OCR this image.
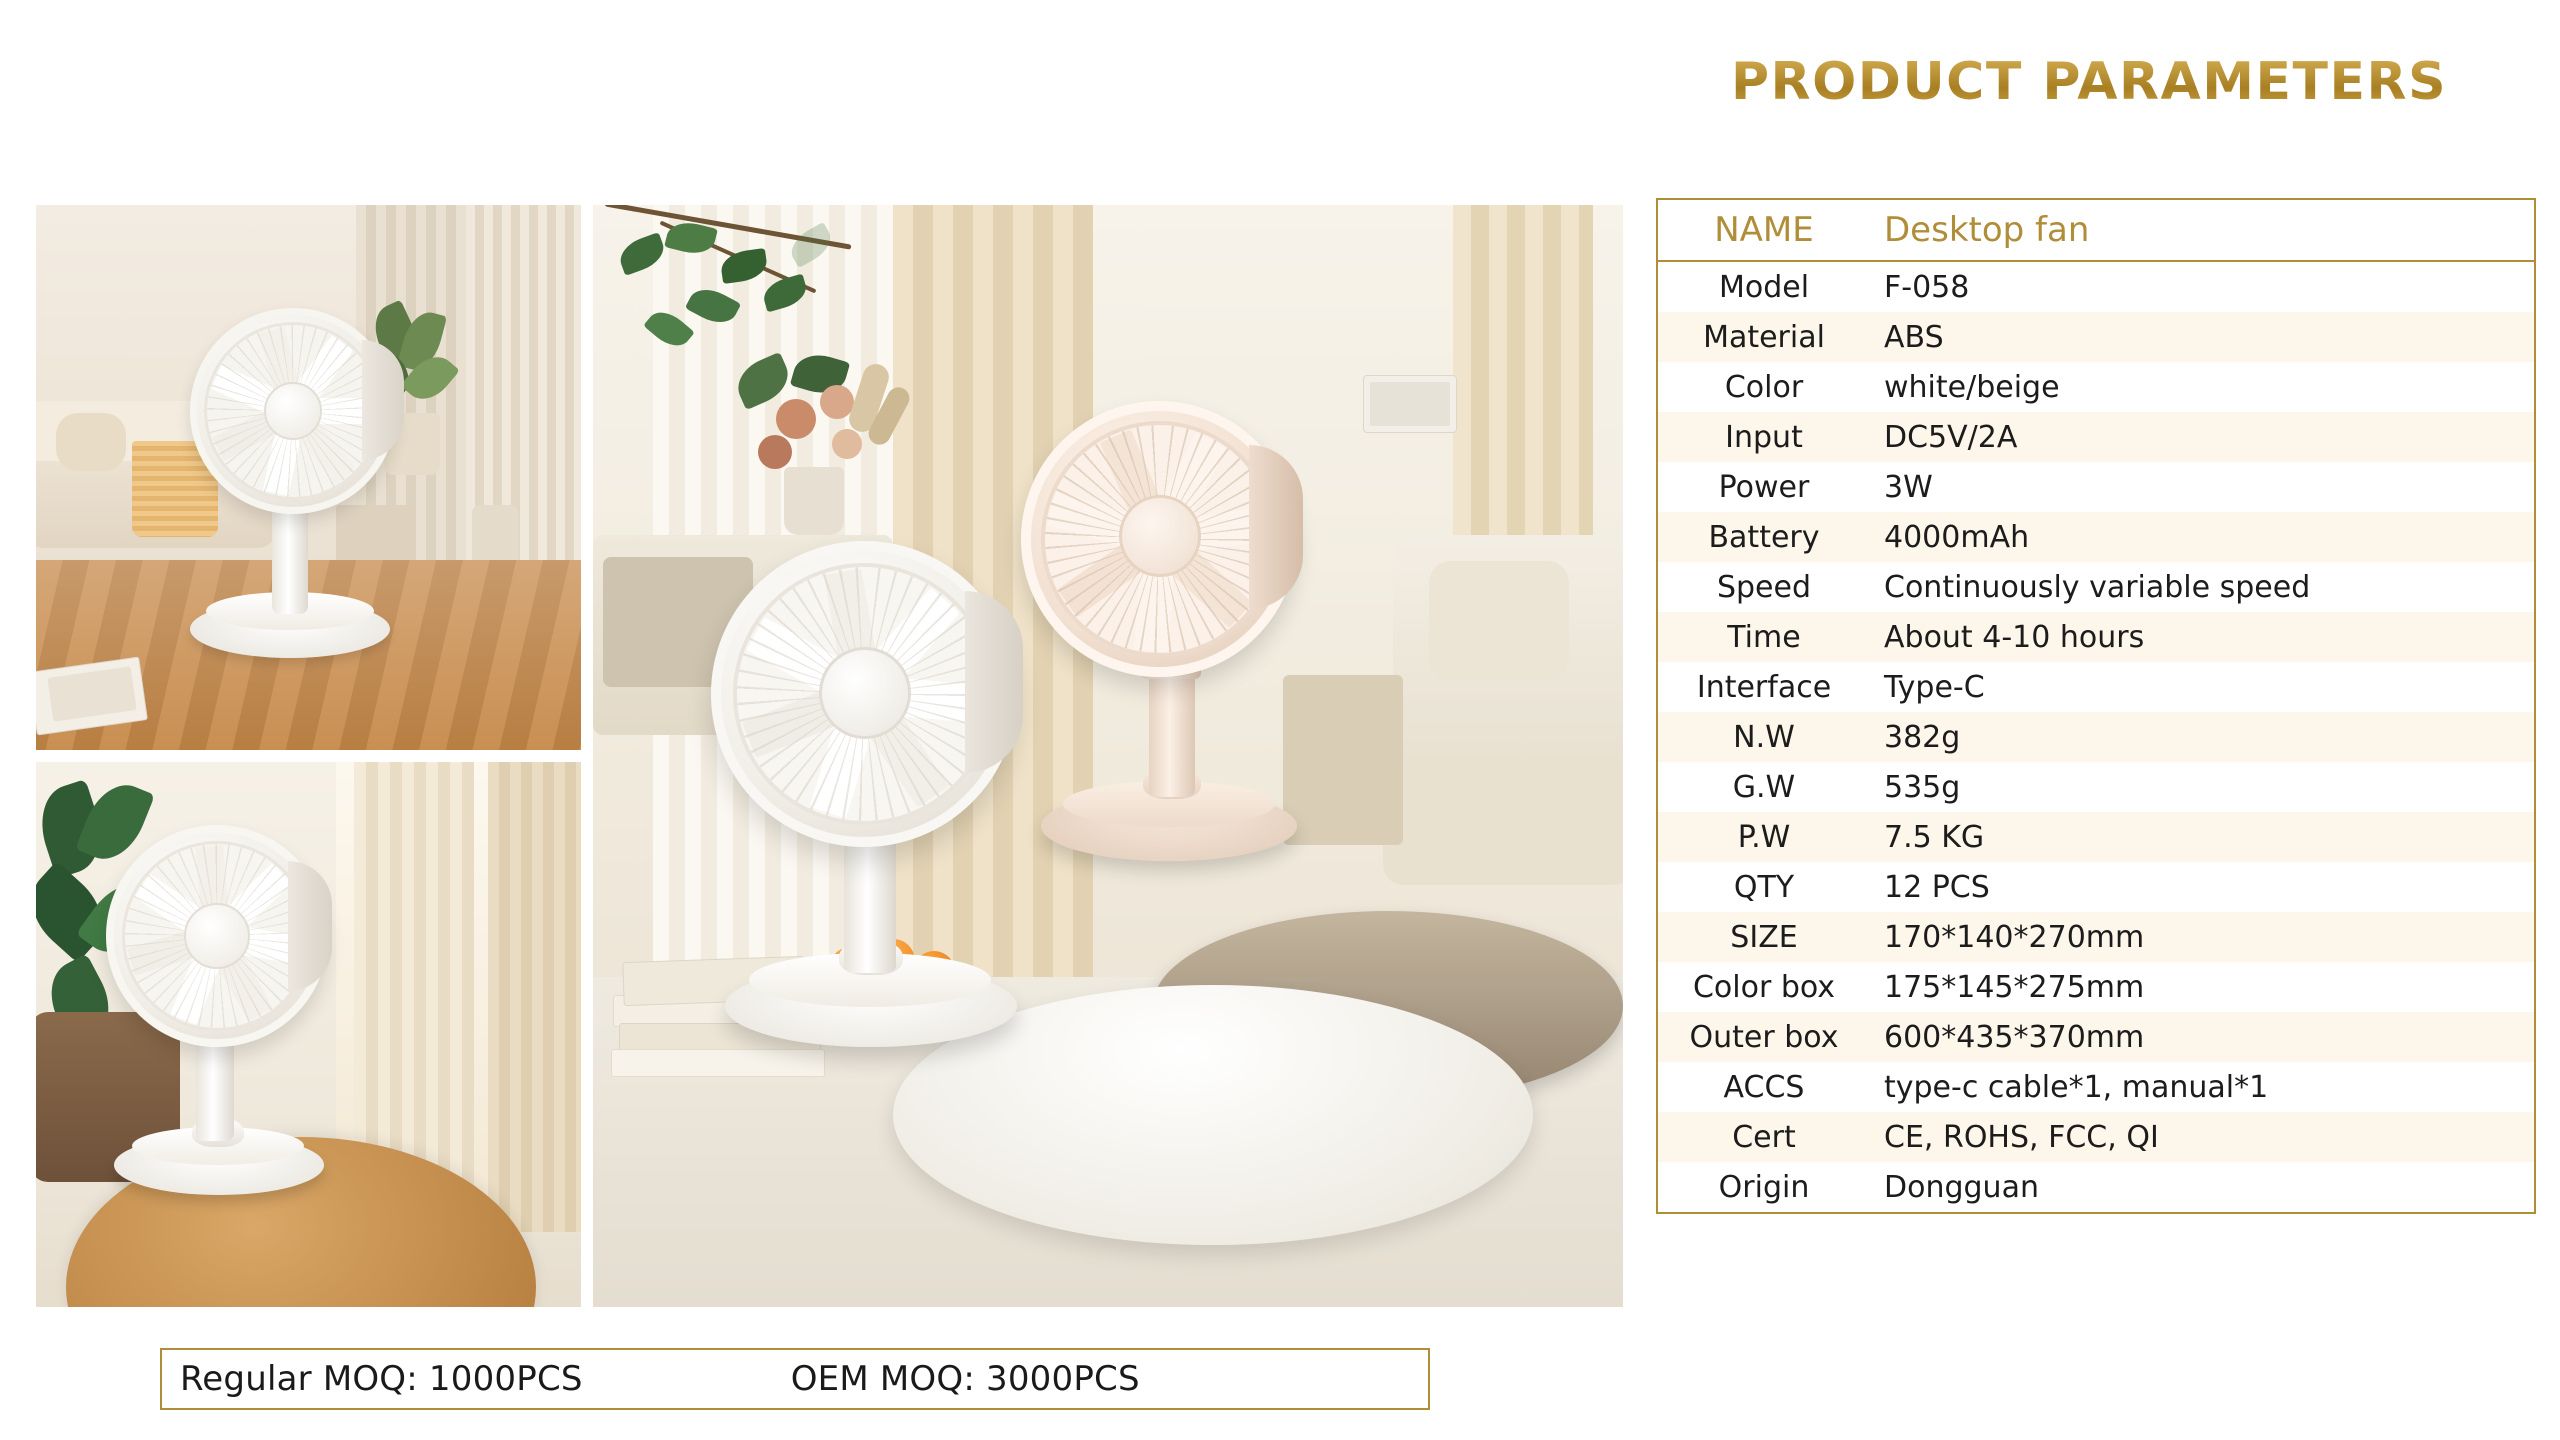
Regular MOQ: 1000PCS	OEM MOQ: 3000PCS
PRODUCT PARAMETERS
NAME	Desktop fan
Model	F-058
Material	ABS
Color	white/beige
Input	DC5V/2A
Power	3W
Battery	4000mAh
Speed	Continuously variable speed
Time	About 4-10 hours
Interface	Type-C
N.W	382g
G.W	535g
P.W	7.5 KG
QTY	12 PCS
SIZE	170*140*270mm
Color box	175*145*275mm
Outer box	600*435*370mm
ACCS	type-c cable*1, manual*1
Cert	CE, ROHS, FCC, QI
Origin	Dongguan
